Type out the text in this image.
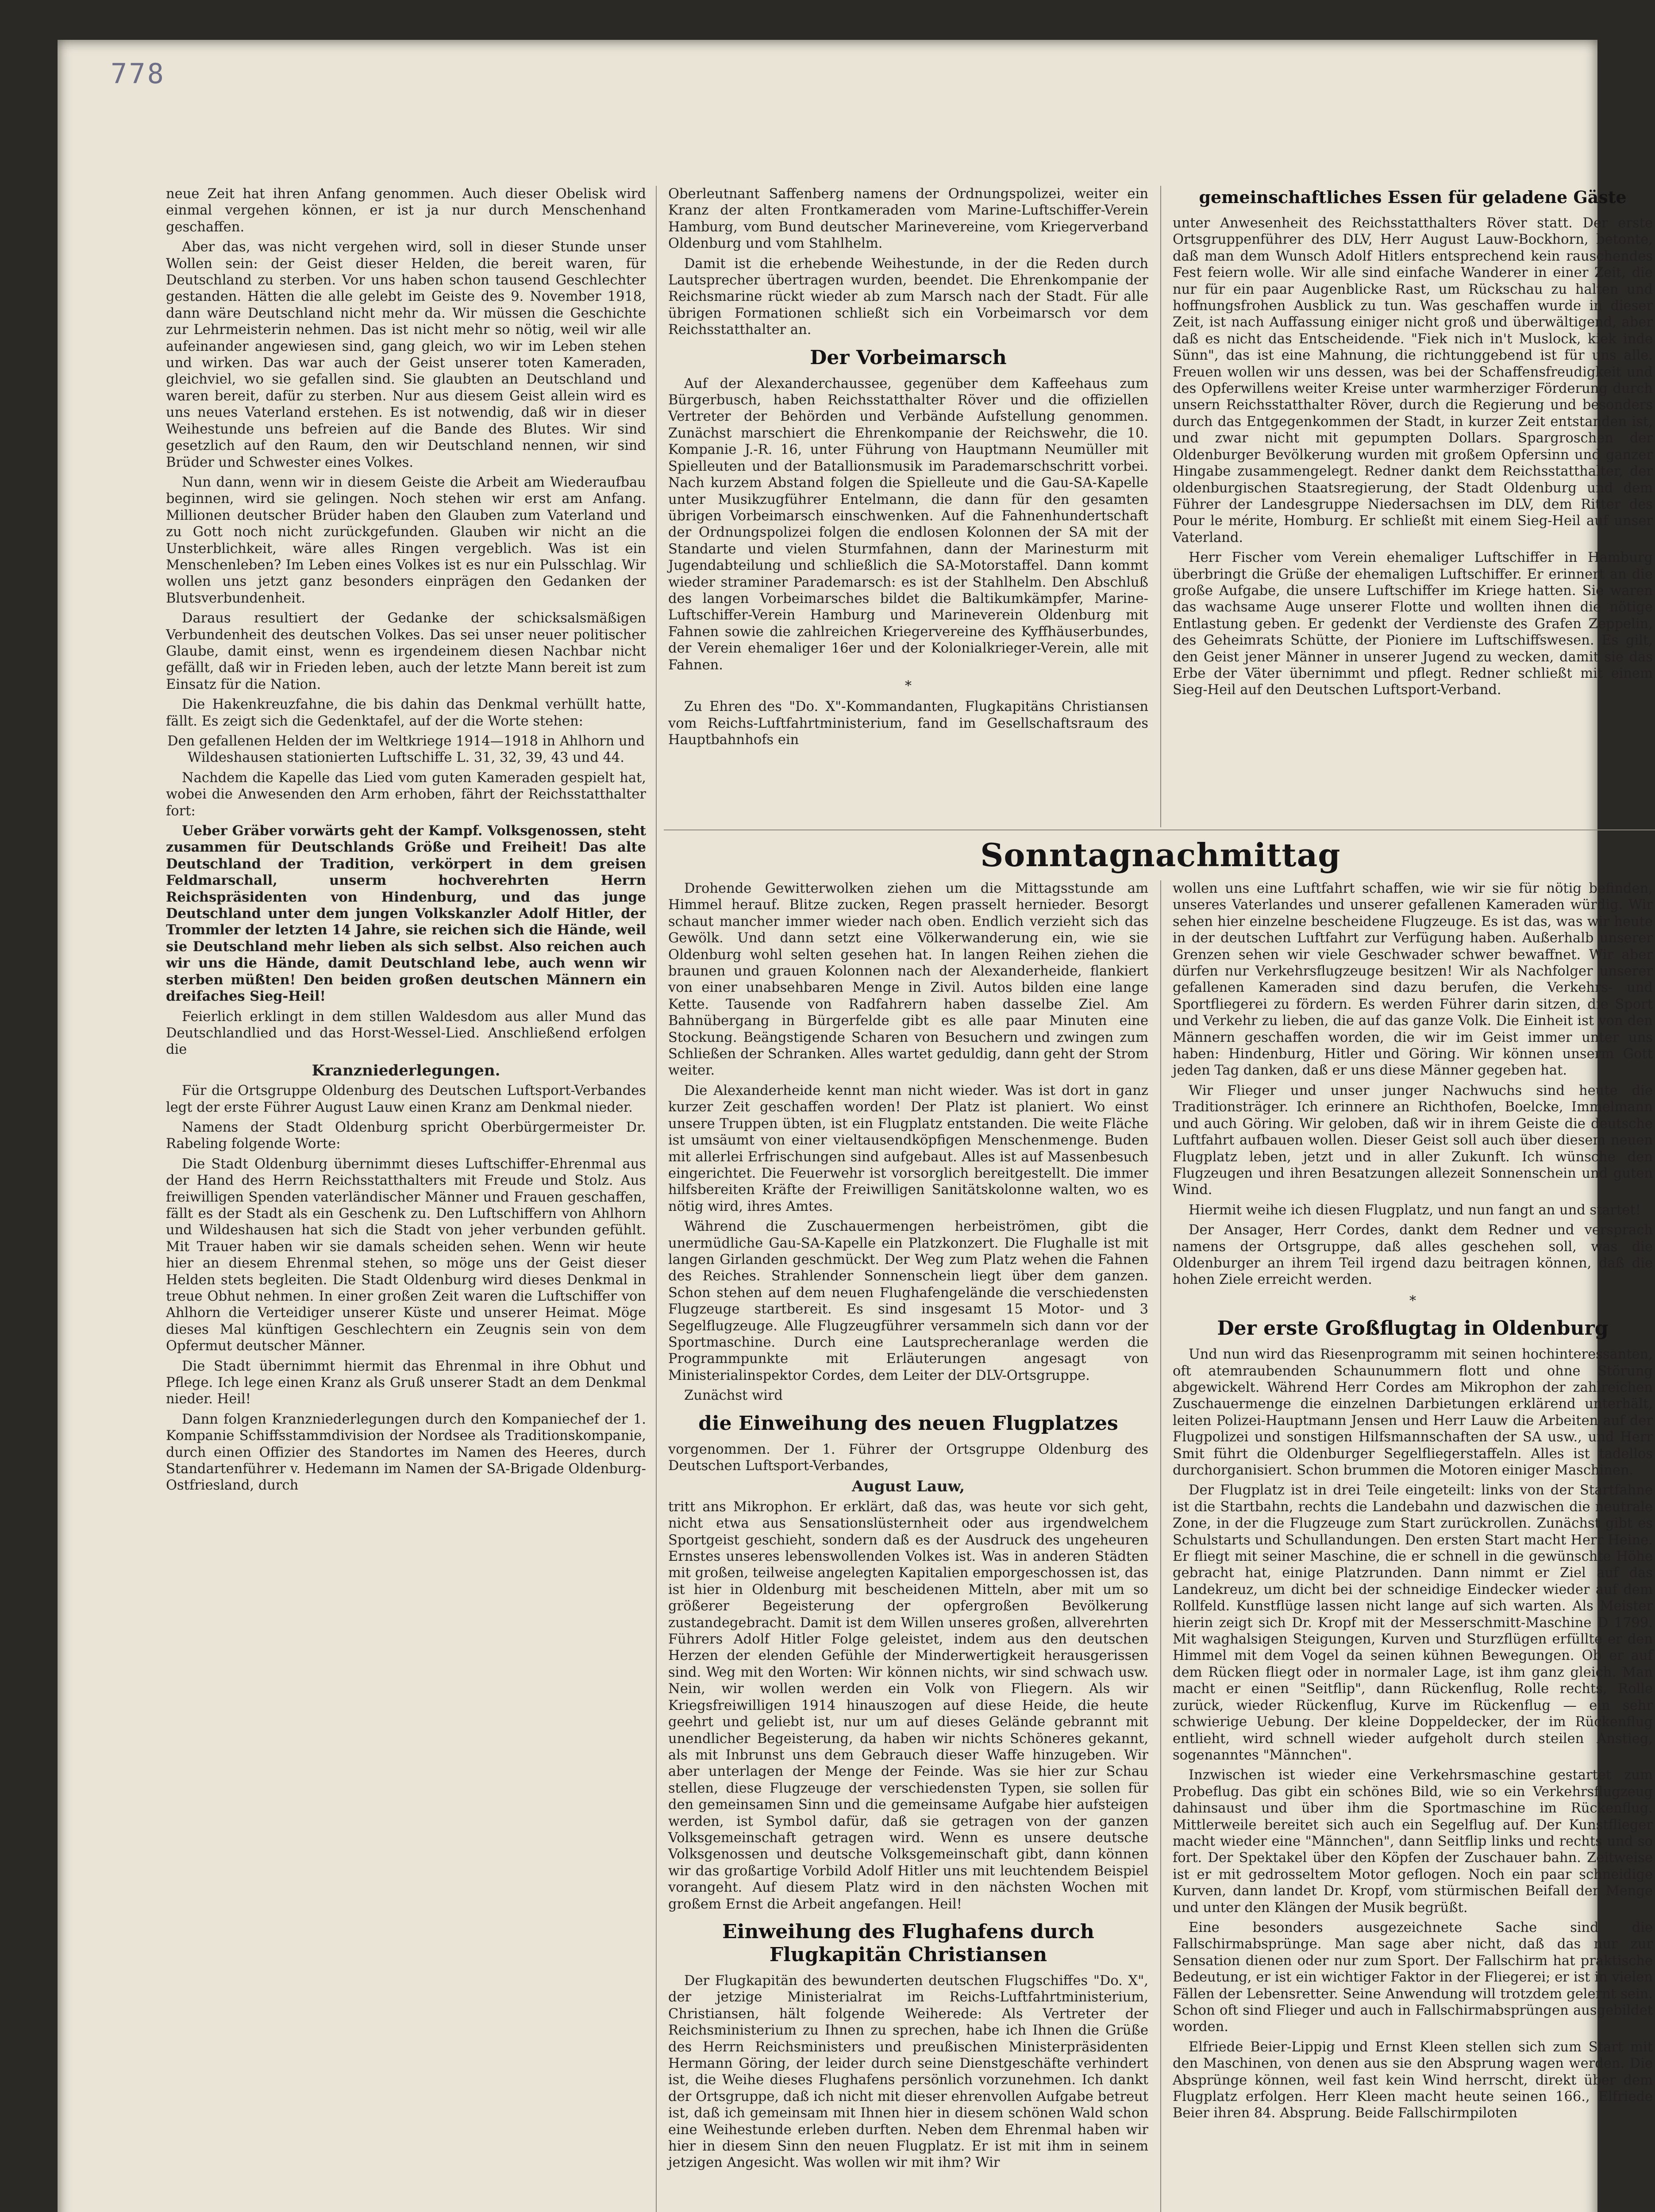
778

neue Zeit hat ihren Anfang genommen. Auch dieser Obelisk wird einmal vergehen können, er ist ja nur durch Menschenhand geschaffen.

Aber das, was nicht vergehen wird, soll in dieser Stunde unser Wollen sein: der Geist dieser Helden, die bereit waren, für Deutschland zu sterben. Vor uns haben schon tausend Geschlechter gestanden. Hätten die alle gelebt im Geiste des 9. November 1918, dann wäre Deutschland nicht mehr da. Wir müssen die Geschichte zur Lehrmeisterin nehmen. Das ist nicht mehr so nötig, weil wir alle aufeinander angewiesen sind, gang gleich, wo wir im Leben stehen und wirken. Das war auch der Geist unserer toten Kameraden, gleichviel, wo sie gefallen sind. Sie glaubten an Deutschland und waren bereit, dafür zu sterben. Nur aus diesem Geist allein wird es uns neues Vaterland erstehen. Es ist notwendig, daß wir in dieser Weihestunde uns befreien auf die Bande des Blutes. Wir sind gesetzlich auf den Raum, den wir Deutschland nennen, wir sind Brüder und Schwester eines Volkes.

Nun dann, wenn wir in diesem Geiste die Arbeit am Wiederaufbau beginnen, wird sie gelingen. Noch stehen wir erst am Anfang. Millionen deutscher Brüder haben den Glauben zum Vaterland und zu Gott noch nicht zurückgefunden. Glauben wir nicht an die Unsterblichkeit, wäre alles Ringen vergeblich. Was ist ein Menschenleben? Im Leben eines Volkes ist es nur ein Pulsschlag. Wir wollen uns jetzt ganz besonders einprägen den Gedanken der Blutsverbundenheit.

Daraus resultiert der Gedanke der schicksalsmäßigen Verbundenheit des deutschen Volkes. Das sei unser neuer politischer Glaube, damit einst, wenn es irgendeinem diesen Nachbar nicht gefällt, daß wir in Frieden leben, auch der letzte Mann bereit ist zum Einsatz für die Nation.

Die Hakenkreuzfahne, die bis dahin das Denkmal verhüllt hatte, fällt. Es zeigt sich die Gedenktafel, auf der die Worte stehen:

Den gefallenen Helden der im Weltkriege 1914—1918 in Ahlhorn und Wildeshausen stationierten Luftschiffe L. 31, 32, 39, 43 und 44.

Nachdem die Kapelle das Lied vom guten Kameraden gespielt hat, wobei die Anwesenden den Arm erhoben, fährt der Reichsstatthalter fort:

Ueber Gräber vorwärts geht der Kampf. Volksgenossen, steht zusammen für Deutschlands Größe und Freiheit! Das alte Deutschland der Tradition, verkörpert in dem greisen Feldmarschall, unserm hochverehrten Herrn Reichspräsidenten von Hindenburg, und das junge Deutschland unter dem jungen Volkskanzler Adolf Hitler, der Trommler der letzten 14 Jahre, sie reichen sich die Hände, weil sie Deutschland mehr lieben als sich selbst. Also reichen auch wir uns die Hände, damit Deutschland lebe, auch wenn wir sterben müßten! Den beiden großen deutschen Männern ein dreifaches Sieg-Heil!

Feierlich erklingt in dem stillen Waldesdom aus aller Mund das Deutschlandlied und das Horst-Wessel-Lied. Anschließend erfolgen die

Kranzniederlegungen.

Für die Ortsgruppe Oldenburg des Deutschen Luftsport-Verbandes legt der erste Führer August Lauw einen Kranz am Denkmal nieder.

Namens der Stadt Oldenburg spricht Oberbürgermeister Dr. Rabeling folgende Worte:

Die Stadt Oldenburg übernimmt dieses Luftschiffer-Ehrenmal aus der Hand des Herrn Reichsstatthalters mit Freude und Stolz. Aus freiwilligen Spenden vaterländischer Männer und Frauen geschaffen, fällt es der Stadt als ein Geschenk zu. Den Luftschiffern von Ahlhorn und Wildeshausen hat sich die Stadt von jeher verbunden gefühlt. Mit Trauer haben wir sie damals scheiden sehen. Wenn wir heute hier an diesem Ehrenmal stehen, so möge uns der Geist dieser Helden stets begleiten. Die Stadt Oldenburg wird dieses Denkmal in treue Obhut nehmen. In einer großen Zeit waren die Luftschiffer von Ahlhorn die Verteidiger unserer Küste und unserer Heimat. Möge dieses Mal künftigen Geschlechtern ein Zeugnis sein von dem Opfermut deutscher Männer.

Die Stadt übernimmt hiermit das Ehrenmal in ihre Obhut und Pflege. Ich lege einen Kranz als Gruß unserer Stadt an dem Denkmal nieder. Heil!

Dann folgen Kranzniederlegungen durch den Kompaniechef der 1. Kompanie Schiffsstammdivision der Nordsee als Traditionskompanie, durch einen Offizier des Standortes im Namen des Heeres, durch Standartenführer v. Hedemann im Namen der SA-Brigade Oldenburg-Ostfriesland, durch

Oberleutnant Saffenberg namens der Ordnungspolizei, weiter ein Kranz der alten Frontkameraden vom Marine-Luftschiffer-Verein Hamburg, vom Bund deutscher Marinevereine, vom Kriegerverband Oldenburg und vom Stahlhelm.

Damit ist die erhebende Weihestunde, in der die Reden durch Lautsprecher übertragen wurden, beendet. Die Ehrenkompanie der Reichsmarine rückt wieder ab zum Marsch nach der Stadt. Für alle übrigen Formationen schließt sich ein Vorbeimarsch vor dem Reichsstatthalter an.

Der Vorbeimarsch

Auf der Alexanderchaussee, gegenüber dem Kaffeehaus zum Bürgerbusch, haben Reichsstatthalter Röver und die offiziellen Vertreter der Behörden und Verbände Aufstellung genommen. Zunächst marschiert die Ehrenkompanie der Reichswehr, die 10. Kompanie J.-R. 16, unter Führung von Hauptmann Neumüller mit Spielleuten und der Batallionsmusik im Parademarschschritt vorbei. Nach kurzem Abstand folgen die Spielleute und die Gau-SA-Kapelle unter Musikzugführer Entelmann, die dann für den gesamten übrigen Vorbeimarsch einschwenken. Auf die Fahnenhundertschaft der Ordnungspolizei folgen die endlosen Kolonnen der SA mit der Standarte und vielen Sturmfahnen, dann der Marinesturm mit Jugendabteilung und schließlich die SA-Motorstaffel. Dann kommt wieder straminer Parademarsch: es ist der Stahlhelm. Den Abschluß des langen Vorbeimarsches bildet die Baltikumkämpfer, Marine-Luftschiffer-Verein Hamburg und Marineverein Oldenburg mit Fahnen sowie die zahlreichen Kriegervereine des Kyffhäuserbundes, der Verein ehemaliger 16er und der Kolonialkrieger-Verein, alle mit Fahnen.

*

Zu Ehren des "Do. X"-Kommandanten, Flugkapitäns Christiansen vom Reichs-Luftfahrtministerium, fand im Gesellschaftsraum des Hauptbahnhofs ein

gemeinschaftliches Essen für geladene Gäste

unter Anwesenheit des Reichsstatthalters Röver statt. Der erste Ortsgruppenführer des DLV, Herr August Lauw-Bockhorn, betonte, daß man dem Wunsch Adolf Hitlers entsprechend kein rauschendes Fest feiern wolle. Wir alle sind einfache Wanderer in einer Zeit, die nur für ein paar Augenblicke Rast, um Rückschau zu halten und hoffnungsfrohen Ausblick zu tun. Was geschaffen wurde in dieser Zeit, ist nach Auffassung einiger nicht groß und überwältigend, aber daß es nicht das Entscheidende. "Fiek nich in't Muslock, kiek inde Sünn", das ist eine Mahnung, die richtunggebend ist für uns alle. Freuen wollen wir uns dessen, was bei der Schaffensfreudigkeit und des Opferwillens weiter Kreise unter warmherziger Förderung durch unsern Reichsstatthalter Röver, durch die Regierung und besonders durch das Entgegenkommen der Stadt, in kurzer Zeit entstanden ist, und zwar nicht mit gepumpten Dollars. Spargroschen der Oldenburger Bevölkerung wurden mit großem Opfersinn und ganzer Hingabe zusammengelegt. Redner dankt dem Reichsstatthalter, der oldenburgischen Staatsregierung, der Stadt Oldenburg und dem Führer der Landesgruppe Niedersachsen im DLV, dem Ritter des Pour le mérite, Homburg. Er schließt mit einem Sieg-Heil auf unser Vaterland.

Herr Fischer vom Verein ehemaliger Luftschiffer in Hamburg überbringt die Grüße der ehemaligen Luftschiffer. Er erinnert an die große Aufgabe, die unsere Luftschiffer im Kriege hatten. Sie waren das wachsame Auge unserer Flotte und wollten ihnen die nötige Entlastung geben. Er gedenkt der Verdienste des Grafen Zeppelin, des Geheimrats Schütte, der Pioniere im Luftschiffswesen. Es gilt, den Geist jener Männer in unserer Jugend zu wecken, damit sie das Erbe der Väter übernimmt und pflegt. Redner schließt mit einem Sieg-Heil auf den Deutschen Luftsport-Verband.

Sonntagnachmittag

Drohende Gewitterwolken ziehen um die Mittagsstunde am Himmel herauf. Blitze zucken, Regen prasselt hernieder. Besorgt schaut mancher immer wieder nach oben. Endlich verzieht sich das Gewölk. Und dann setzt eine Völkerwanderung ein, wie sie Oldenburg wohl selten gesehen hat. In langen Reihen ziehen die braunen und grauen Kolonnen nach der Alexanderheide, flankiert von einer unabsehbaren Menge in Zivil. Autos bilden eine lange Kette. Tausende von Radfahrern haben dasselbe Ziel. Am Bahnübergang in Bürgerfelde gibt es alle paar Minuten eine Stockung. Beängstigende Scharen von Besuchern und zwingen zum Schließen der Schranken. Alles wartet geduldig, dann geht der Strom weiter.

Die Alexanderheide kennt man nicht wieder. Was ist dort in ganz kurzer Zeit geschaffen worden! Der Platz ist planiert. Wo einst unsere Truppen übten, ist ein Flugplatz entstanden. Die weite Fläche ist umsäumt von einer vieltausendköpfigen Menschenmenge. Buden mit allerlei Erfrischungen sind aufgebaut. Alles ist auf Massenbesuch eingerichtet. Die Feuerwehr ist vorsorglich bereitgestellt. Die immer hilfsbereiten Kräfte der Freiwilligen Sanitätskolonne walten, wo es nötig wird, ihres Amtes.

Während die Zuschauermengen herbeiströmen, gibt die unermüdliche Gau-SA-Kapelle ein Platzkonzert. Die Flughalle ist mit langen Girlanden geschmückt. Der Weg zum Platz wehen die Fahnen des Reiches. Strahlender Sonnenschein liegt über dem ganzen. Schon stehen auf dem neuen Flughafengelände die verschiedensten Flugzeuge startbereit. Es sind insgesamt 15 Motor- und 3 Segelflugzeuge. Alle Flugzeugführer versammeln sich dann vor der Sportmaschine. Durch eine Lautsprecheranlage werden die Programmpunkte mit Erläuterungen angesagt von Ministerialinspektor Cordes, dem Leiter der DLV-Ortsgruppe.

Zunächst wird

die Einweihung des neuen Flugplatzes

vorgenommen. Der 1. Führer der Ortsgruppe Oldenburg des Deutschen Luftsport-Verbandes,

August Lauw,

tritt ans Mikrophon. Er erklärt, daß das, was heute vor sich geht, nicht etwa aus Sensationslüsternheit oder aus irgendwelchem Sportgeist geschieht, sondern daß es der Ausdruck des ungeheuren Ernstes unseres lebenswollenden Volkes ist. Was in anderen Städten mit großen, teilweise angelegten Kapitalien emporgeschossen ist, das ist hier in Oldenburg mit bescheidenen Mitteln, aber mit um so größerer Begeisterung der opfergroßen Bevölkerung zustandegebracht. Damit ist dem Willen unseres großen, allverehrten Führers Adolf Hitler Folge geleistet, indem aus den deutschen Herzen der elenden Gefühle der Minderwertigkeit herausgerissen sind. Weg mit den Worten: Wir können nichts, wir sind schwach usw. Nein, wir wollen werden ein Volk von Fliegern. Als wir Kriegsfreiwilligen 1914 hinauszogen auf diese Heide, die heute geehrt und geliebt ist, nur um auf dieses Gelände gebrannt mit unendlicher Begeisterung, da haben wir nichts Schöneres gekannt, als mit Inbrunst uns dem Gebrauch dieser Waffe hinzugeben. Wir aber unterlagen der Menge der Feinde. Was sie hier zur Schau stellen, diese Flugzeuge der verschiedensten Typen, sie sollen für den gemeinsamen Sinn und die gemeinsame Aufgabe hier aufsteigen werden, ist Symbol dafür, daß sie getragen von der ganzen Volksgemeinschaft getragen wird. Wenn es unsere deutsche Volksgenossen und deutsche Volksgemeinschaft gibt, dann können wir das großartige Vorbild Adolf Hitler uns mit leuchtendem Beispiel vorangeht. Auf diesem Platz wird in den nächsten Wochen mit großem Ernst die Arbeit angefangen. Heil!

Einweihung des Flughafens durch Flugkapitän Christiansen

Der Flugkapitän des bewunderten deutschen Flugschiffes "Do. X", der jetzige Ministerialrat im Reichs-Luftfahrtministerium, Christiansen, hält folgende Weiherede: Als Vertreter der Reichsministerium zu Ihnen zu sprechen, habe ich Ihnen die Grüße des Herrn Reichsministers und preußischen Ministerpräsidenten Hermann Göring, der leider durch seine Dienstgeschäfte verhindert ist, die Weihe dieses Flughafens persönlich vorzunehmen. Ich dankt der Ortsgruppe, daß ich nicht mit dieser ehrenvollen Aufgabe betreut ist, daß ich gemeinsam mit Ihnen hier in diesem schönen Wald schon eine Weihestunde erleben durften. Neben dem Ehrenmal haben wir hier in diesem Sinn den neuen Flugplatz. Er ist mit ihm in seinem jetzigen Angesicht. Was wollen wir mit ihm? Wir

wollen uns eine Luftfahrt schaffen, wie wir sie für nötig befinden, unseres Vaterlandes und unserer gefallenen Kameraden würdig. Wir sehen hier einzelne bescheidene Flugzeuge. Es ist das, was wir heute in der deutschen Luftfahrt zur Verfügung haben. Außerhalb unserer Grenzen sehen wir viele Geschwader schwer bewaffnet. Wir aber dürfen nur Verkehrsflugzeuge besitzen! Wir als Nachfolger unserer gefallenen Kameraden sind dazu berufen, die Verkehrs- und Sportfliegerei zu fördern. Es werden Führer darin sitzen, die Sport und Verkehr zu lieben, die auf das ganze Volk. Die Einheit ist von den Männern geschaffen worden, die wir im Geist immer unter uns haben: Hindenburg, Hitler und Göring. Wir können unserm Gott jeden Tag danken, daß er uns diese Männer gegeben hat.

Wir Flieger und unser junger Nachwuchs sind heute die Traditionsträger. Ich erinnere an Richthofen, Boelcke, Immelmann und auch Göring. Wir geloben, daß wir in ihrem Geiste die deutsche Luftfahrt aufbauen wollen. Dieser Geist soll auch über diesem neuen Flugplatz leben, jetzt und in aller Zukunft. Ich wünsche den Flugzeugen und ihren Besatzungen allezeit Sonnenschein und guten Wind.

Hiermit weihe ich diesen Flugplatz, und nun fangt an und startet!

Der Ansager, Herr Cordes, dankt dem Redner und versprach namens der Ortsgruppe, daß alles geschehen soll, was die Oldenburger an ihrem Teil irgend dazu beitragen können, daß die hohen Ziele erreicht werden.

*
Der erste Großflugtag in Oldenburg

Und nun wird das Riesenprogramm mit seinen hochinteressanten, oft atemraubenden Schaunummern flott und ohne Störung abgewickelt. Während Herr Cordes am Mikrophon der zahlreichen Zuschauermenge die einzelnen Darbietungen erklärend unterhält, leiten Polizei-Hauptmann Jensen und Herr Lauw die Arbeiten auf der Flugpolizei und sonstigen Hilfsmannschaften der SA usw., und Herr Smit führt die Oldenburger Segelfliegerstaffeln. Alles ist tadellos durchorganisiert. Schon brummen die Motoren einiger Maschinen.

Der Flugplatz ist in drei Teile eingeteilt: links von der Startfahne ist die Startbahn, rechts die Landebahn und dazwischen die neutrale Zone, in der die Flugzeuge zum Start zurückrollen. Zunächst gibt es Schulstarts und Schullandungen. Den ersten Start macht Herr Heine. Er fliegt mit seiner Maschine, die er schnell in die gewünschte Höhe gebracht hat, einige Platzrunden. Dann nimmt er Ziel auf das Landekreuz, um dicht bei der schneidige Eindecker wieder auf dem Rollfeld. Kunstflüge lassen nicht lange auf sich warten. Als Meister hierin zeigt sich Dr. Kropf mit der Messerschmitt-Maschine D 1799. Mit waghalsigen Steigungen, Kurven und Sturzflügen erfüllte er den Himmel mit dem Vogel da seinen kühnen Bewegungen. Ob er auf dem Rücken fliegt oder in normaler Lage, ist ihm ganz gleich. Man macht er einen "Seitflip", dann Rückenflug, Rolle rechts, Rolle zurück, wieder Rückenflug, Kurve im Rückenflug — ein sehr schwierige Uebung. Der kleine Doppeldecker, der im Rückenflug entlieht, wird schnell wieder aufgeholt durch steilen Anstieg, sogenanntes "Männchen".

Inzwischen ist wieder eine Verkehrsmaschine gestartet zum Probeflug. Das gibt ein schönes Bild, wie so ein Verkehrsflugzeug dahinsaust und über ihm die Sportmaschine im Rückenflug. Mittlerweile bereitet sich auch ein Segelflug auf. Der Kunstflieger macht wieder eine "Männchen", dann Seitflip links und rechts und so fort. Der Spektakel über den Köpfen der Zuschauer bahn. Zeitweise ist er mit gedrosseltem Motor geflogen. Noch ein paar schneidige Kurven, dann landet Dr. Kropf, vom stürmischen Beifall der Menge und unter den Klängen der Musik begrüßt.

Eine besonders ausgezeichnete Sache sind die Fallschirmabsprünge. Man sage aber nicht, daß das nur zur Sensation dienen oder nur zum Sport. Der Fallschirm hat praktische Bedeutung, er ist ein wichtiger Faktor in der Fliegerei; er ist in vielen Fällen der Lebensretter. Seine Anwendung will trotzdem gelernt sein. Schon oft sind Flieger und auch in Fallschirmabsprüngen ausgebildet worden.

Elfriede Beier-Lippig und Ernst Kleen stellen sich zum Start mit den Maschinen, von denen aus sie den Absprung wagen werden. Die Absprünge können, weil fast kein Wind herrscht, direkt über dem Flugplatz erfolgen. Herr Kleen macht heute seinen 166., Elfriede Beier ihren 84. Absprung. Beide Fallschirmpiloten
